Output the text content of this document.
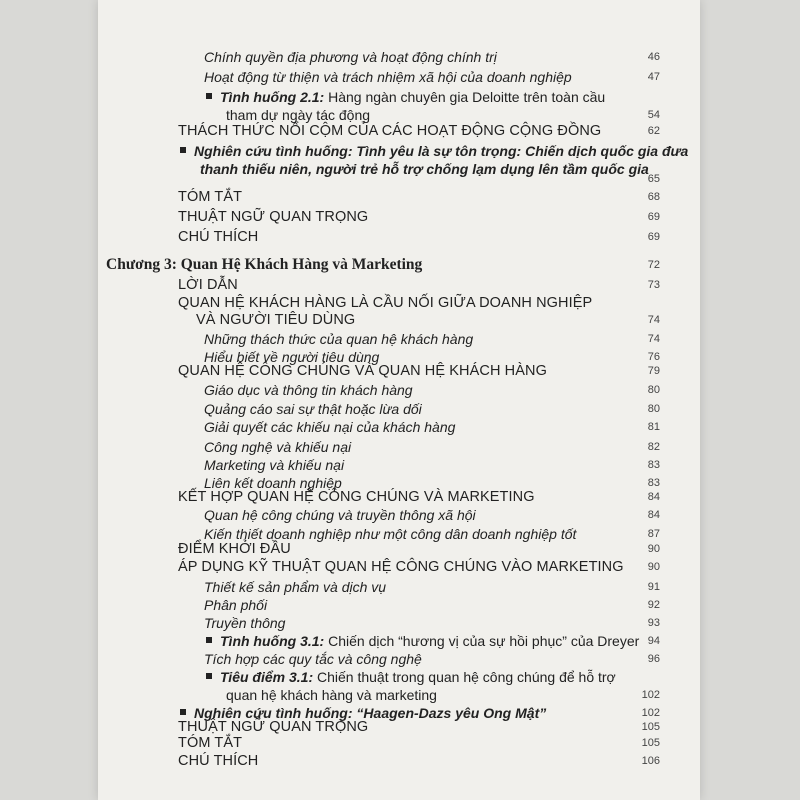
Chính quyền địa phương và hoạt động chính trị	46
Hoạt động từ thiện và trách nhiệm xã hội của doanh nghiệp	47
Tình huống 2.1: Hàng ngàn chuyên gia Deloitte trên toàn cầu
tham dự ngày tác động	54
THÁCH THỨC NỔI CỘM CỦA CÁC HOẠT ĐỘNG CỘNG ĐỒNG	62
Nghiên cứu tình huống: Tình yêu là sự tôn trọng: Chiến dịch quốc gia đưa
thanh thiếu niên, người trẻ hỗ trợ chống lạm dụng lên tầm quốc gia
65
TÓM TẮT	68
THUẬT NGỮ QUAN TRỌNG	69
CHÚ THÍCH	69
Chương 3: Quan Hệ Khách Hàng và Marketing	72
LỜI DẪN	73
QUAN HỆ KHÁCH HÀNG LÀ CẦU NỐI GIỮA DOANH NGHIỆP
VÀ NGƯỜI TIÊU DÙNG	74
Những thách thức của quan hệ khách hàng	74
Hiểu biết về người tiêu dùng	76
QUAN HỆ CÔNG CHÚNG VÀ QUAN HỆ KHÁCH HÀNG	79
Giáo dục và thông tin khách hàng	80
Quảng cáo sai sự thật hoặc lừa dối	80
Giải quyết các khiếu nại của khách hàng	81
Công nghệ và khiếu nại	82
Marketing và khiếu nại	83
Liên kết doanh nghiệp	83
KẾT HỢP QUAN HỆ CÔNG CHÚNG VÀ MARKETING	84
Quan hệ công chúng và truyền thông xã hội	84
Kiến thiết doanh nghiệp như một công dân doanh nghiệp tốt	87
ĐIỂM KHỞI ĐẦU	90
ÁP DỤNG KỸ THUẬT QUAN HỆ CÔNG CHÚNG VÀO MARKETING 90
Thiết kế sản phẩm và dịch vụ	91
Phân phối	92
Truyền thông	93
Tình huống 3.1: Chiến dịch “hương vị của sự hồi phục” của Dreyer 94
Tích hợp các quy tắc và công nghệ	96
Tiêu điểm 3.1: Chiến thuật trong quan hệ công chúng để hỗ trợ
quan hệ khách hàng và marketing	102
Nghiên cứu tình huống: “Haagen-Dazs yêu Ong Mật”	102
THUẬT NGỮ QUAN TRỌNG	105
TÓM TẮT	105
CHÚ THÍCH	106
